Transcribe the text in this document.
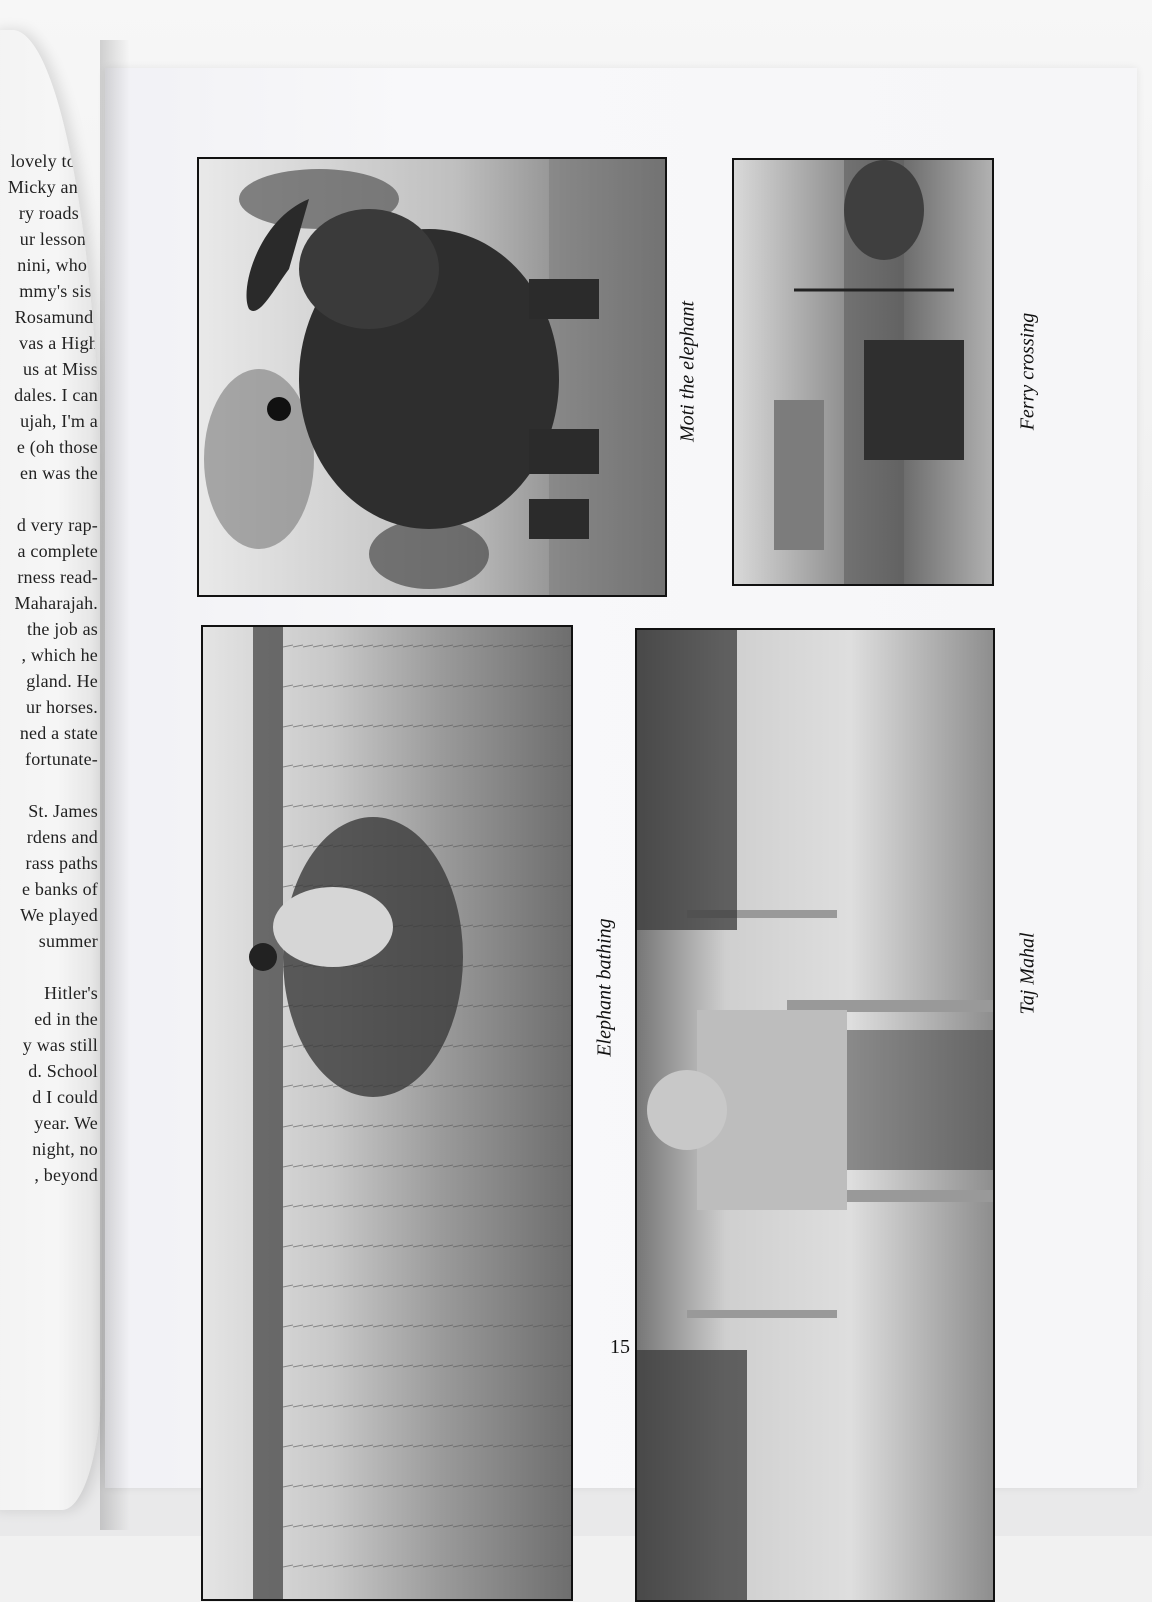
lovely to be
Micky and I
ry roads to
ur lessons,
nini, who I
mmy's sis-
Rosamund,
vas a High
us at Miss
dales. I can
ujah, I'm a
e (oh those
en was the

d very rap-
a complete
rness read-
Maharajah.
the job as
, which he
gland. He
ur horses.
ned a state
fortunate-

St. James
rdens and
rass paths
e banks of
We played
summer

Hitler's
ed in the
y was still
d. School
d I could
year. We
night, no
, beyond
Moti the elephant	Ferry crossing
Elephant bathing	Taj Mahal
15
